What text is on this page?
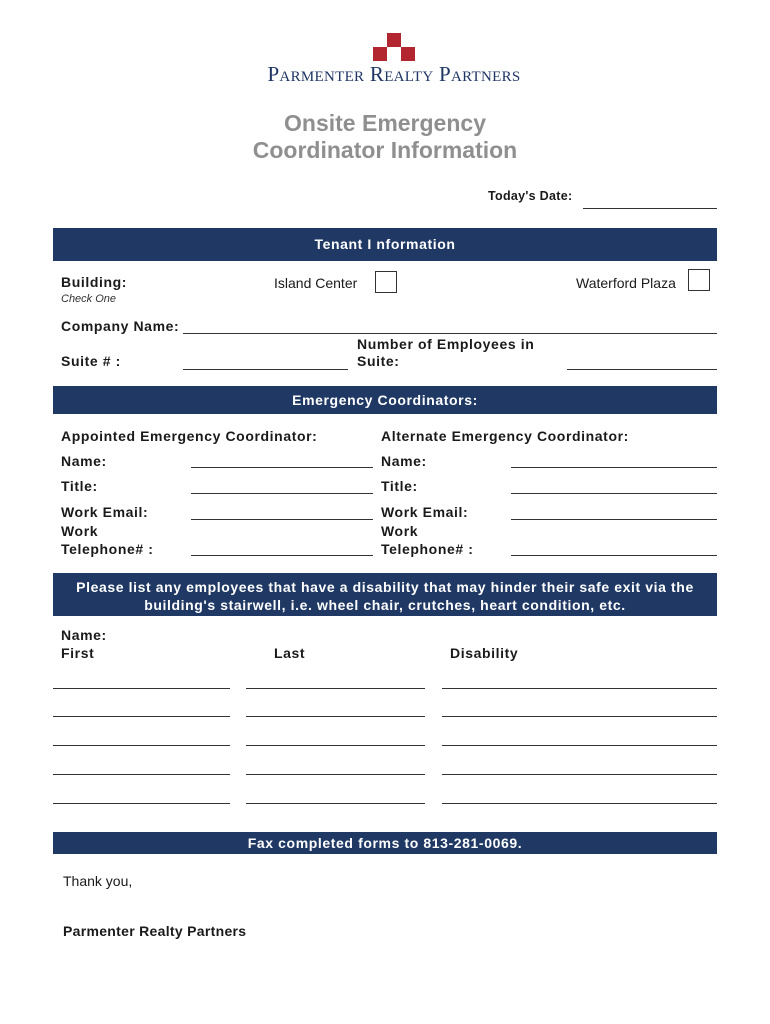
Parmenter Realty Partners
Onsite Emergency
Coordinator Information
Today's Date:
Tenant I nformation
Building:
Check One
Island Center	Waterford Plaza
Company Name:
Suite # :
Number of Employees in
Suite:
Emergency Coordinators:
Appointed Emergency Coordinator:	Alternate Emergency Coordinator:
Name:
Title:
Work Email:
Work
Telephone# :
Name:
Title:
Work Email:
Work
Telephone# :
Please list any employees that have a disability that may hinder their safe exit via the
building's stairwell, i.e. wheel chair, crutches, heart condition, etc.
Name:
First	Last	Disability
Fax completed forms to 813-281-0069.
Thank you,
Parmenter Realty Partners
